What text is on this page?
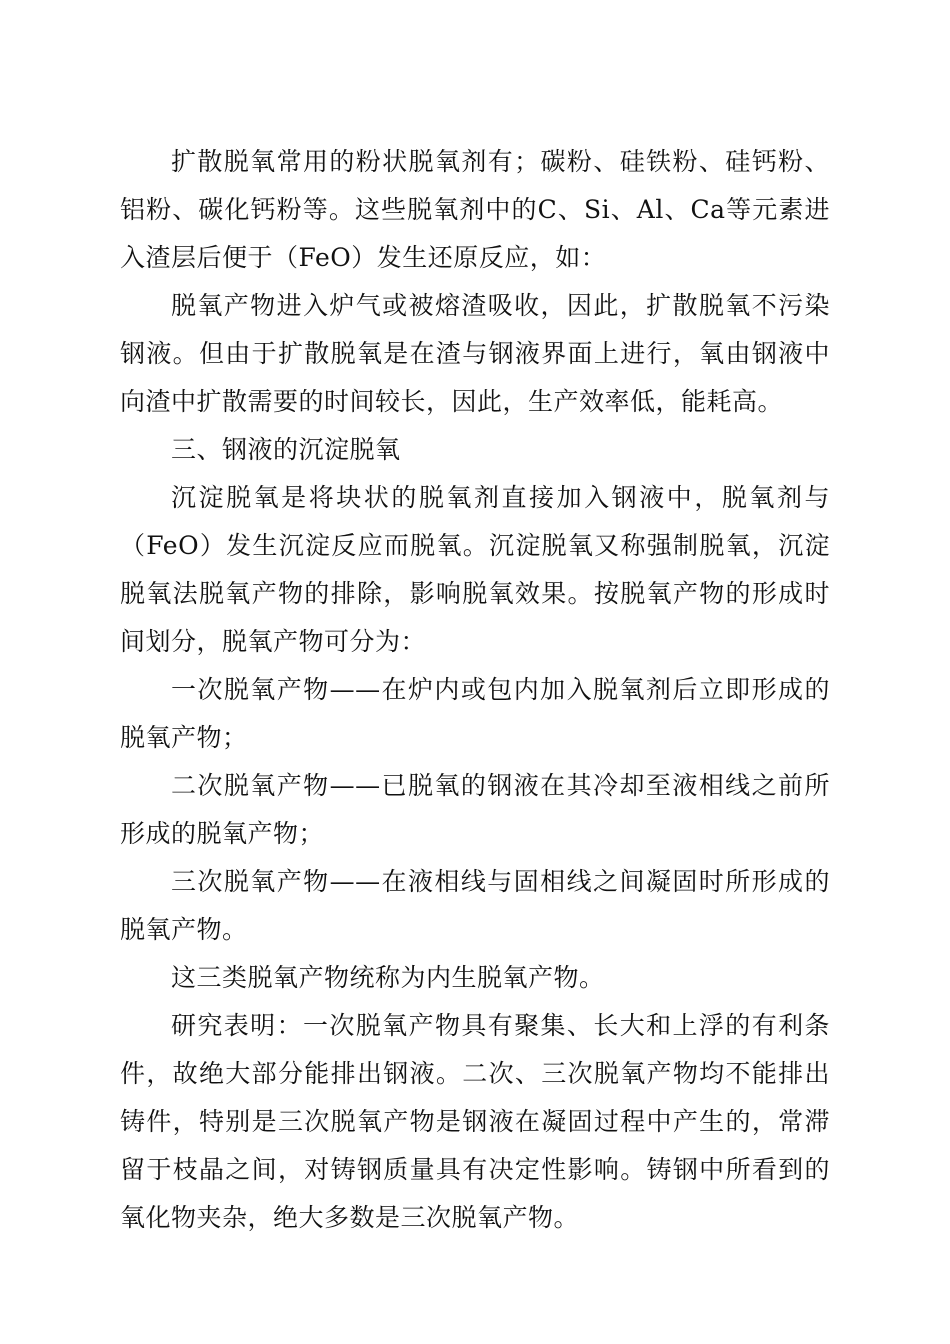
扩散脱氧常用的粉状脱氧剂有；碳粉、硅铁粉、硅钙粉、铝粉、碳化钙粉等。这些脱氧剂中的C、Si、Al、Ca等元素进入渣层后便于（FeO）发生还原反应，如：

脱氧产物进入炉气或被熔渣吸收，因此，扩散脱氧不污染钢液。但由于扩散脱氧是在渣与钢液界面上进行，氧由钢液中向渣中扩散需要的时间较长，因此，生产效率低，能耗高。

三、钢液的沉淀脱氧

沉淀脱氧是将块状的脱氧剂直接加入钢液中，脱氧剂与（FeO）发生沉淀反应而脱氧。沉淀脱氧又称强制脱氧，沉淀脱氧法脱氧产物的排除，影响脱氧效果。按脱氧产物的形成时间划分，脱氧产物可分为：

一次脱氧产物——在炉内或包内加入脱氧剂后立即形成的脱氧产物；

二次脱氧产物——已脱氧的钢液在其冷却至液相线之前所形成的脱氧产物；

三次脱氧产物——在液相线与固相线之间凝固时所形成的脱氧产物。

这三类脱氧产物统称为内生脱氧产物。

研究表明：一次脱氧产物具有聚集、长大和上浮的有利条件，故绝大部分能排出钢液。二次、三次脱氧产物均不能排出铸件，特别是三次脱氧产物是钢液在凝固过程中产生的，常滞留于枝晶之间，对铸钢质量具有决定性影响。铸钢中所看到的氧化物夹杂，绝大多数是三次脱氧产物。
